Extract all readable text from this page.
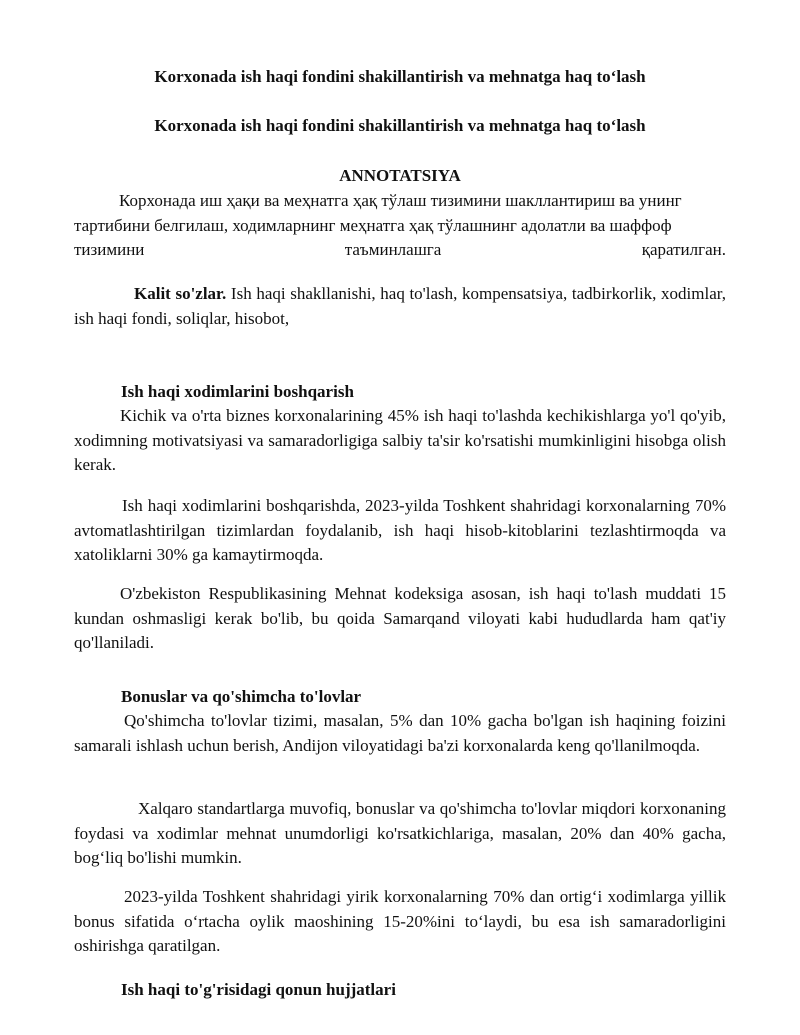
Korxonada ish haqi fondini shakillantirish va mehnatga haq to‘lash

Korxonada ish haqi fondini shakillantirish va mehnatga haq to‘lash

ANNOTATSIYA

Корхонада иш ҳақи ва меҳнатга ҳақ тўлаш тизимини шакллантириш ва унинг
тартибини белгилаш, ходимларнинг меҳнатга ҳақ тўлашнинг адолатли ва шаффоф
тизимини	таъминлашга	қаратилган.

Kalit so'zlar. Ish haqi shakllanishi, haq to'lash, kompensatsiya, tadbirkorlik, xodimlar, ish haqi fondi, soliqlar, hisobot,

Ish haqi xodimlarini boshqarish

Kichik va o'rta biznes korxonalarining 45% ish haqi to'lashda kechikishlarga yo'l qo'yib, xodimning motivatsiyasi va samaradorligiga salbiy ta'sir ko'rsatishi mumkinligini hisobga olish kerak.

Ish haqi xodimlarini boshqarishda, 2023-yilda Toshkent shahridagi korxonalarning 70% avtomatlashtirilgan tizimlardan foydalanib, ish haqi hisob-kitoblarini tezlashtirmoqda va xatoliklarni 30% ga kamaytirmoqda.

O'zbekiston Respublikasining Mehnat kodeksiga asosan, ish haqi to'lash muddati 15 kundan oshmasligi kerak bo'lib, bu qoida Samarqand viloyati kabi hududlarda ham qat'iy qo'llaniladi.

Bonuslar va qo'shimcha to'lovlar

Qo'shimcha to'lovlar tizimi, masalan, 5% dan 10% gacha bo'lgan ish haqining foizini samarali ishlash uchun berish, Andijon viloyatidagi ba'zi korxonalarda keng qo'llanilmoqda.

Xalqaro standartlarga muvofiq, bonuslar va qo'shimcha to'lovlar miqdori korxonaning foydasi va xodimlar mehnat unumdorligi ko'rsatkichlariga, masalan, 20% dan 40% gacha, bog‘liq bo'lishi mumkin.

2023-yilda Toshkent shahridagi yirik korxonalarning 70% dan ortig‘i xodimlarga yillik bonus sifatida o‘rtacha oylik maoshining 15-20%ini to‘laydi, bu esa ish samaradorligini oshirishga qaratilgan.

Ish haqi to'g'risidagi qonun hujjatlari
